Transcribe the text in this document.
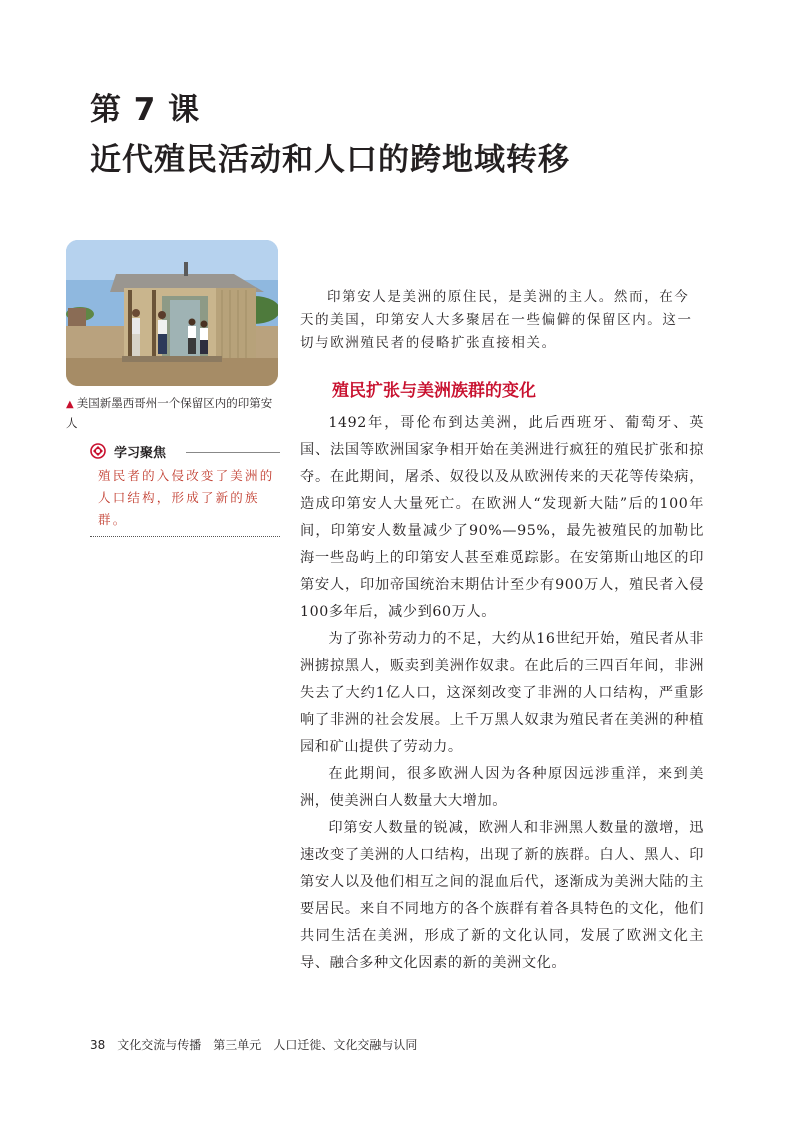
第 7 课
近代殖民活动和人口的跨地域转移
▲ 美国新墨西哥州一个保留区内的印第安人
学习聚焦
殖民者的入侵改变了美洲的人口结构，形成了新的族群。
印第安人是美洲的原住民，是美洲的主人。然而，在今天的美国，印第安人大多聚居在一些偏僻的保留区内。这一切与欧洲殖民者的侵略扩张直接相关。
殖民扩张与美洲族群的变化

1492年，哥伦布到达美洲，此后西班牙、葡萄牙、英国、法国等欧洲国家争相开始在美洲进行疯狂的殖民扩张和掠夺。在此期间，屠杀、奴役以及从欧洲传来的天花等传染病，造成印第安人大量死亡。在欧洲人“发现新大陆”后的100年间，印第安人数量减少了90%—95%，最先被殖民的加勒比海一些岛屿上的印第安人甚至难觅踪影。在安第斯山地区的印第安人，印加帝国统治末期估计至少有900万人，殖民者入侵100多年后，减少到60万人。

为了弥补劳动力的不足，大约从16世纪开始，殖民者从非洲掳掠黑人，贩卖到美洲作奴隶。在此后的三四百年间，非洲失去了大约1亿人口，这深刻改变了非洲的人口结构，严重影响了非洲的社会发展。上千万黑人奴隶为殖民者在美洲的种植园和矿山提供了劳动力。

在此期间，很多欧洲人因为各种原因远涉重洋，来到美洲，使美洲白人数量大大增加。

印第安人数量的锐减，欧洲人和非洲黑人数量的激增，迅速改变了美洲的人口结构，出现了新的族群。白人、黑人、印第安人以及他们相互之间的混血后代，逐渐成为美洲大陆的主要居民。来自不同地方的各个族群有着各具特色的文化，他们共同生活在美洲，形成了新的文化认同，发展了欧洲文化主导、融合多种文化因素的新的美洲文化。

38 文化交流与传播 第三单元 人口迁徙、文化交融与认同
